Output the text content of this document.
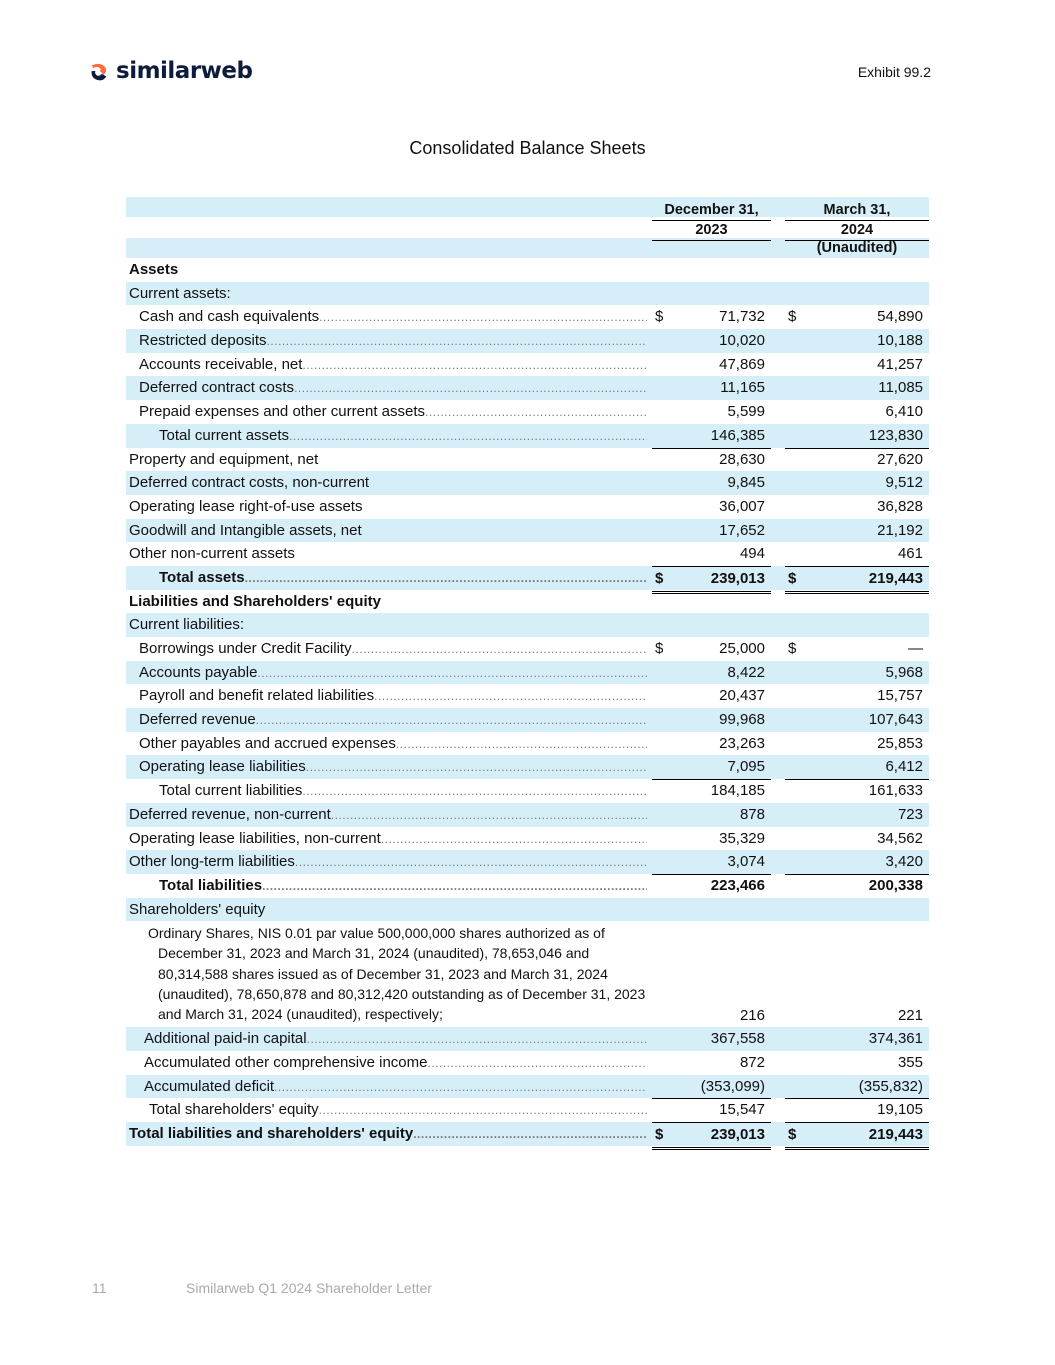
similarweb	Exhibit 99.2
Consolidated Balance Sheets
December 31,
2023
March 31,
2024
(Unaudited)
Assets
Current assets:
Cash and cash equivalents .....	$	71,732 $	54,890
Restricted deposits .....	10,020	10,188
Accounts receivable, net .....	47,869	41,257
Deferred contract costs .....	11,165	11,085
Prepaid expenses and other current assets .....	5,599	6,410
Total current assets .....	146,385	123,830
Property and equipment, net	28,630	27,620
Deferred contract costs, non-current	9,845	9,512
Operating lease right-of-use assets	36,007	36,828
Goodwill and Intangible assets, net	17,652	21,192
Other non-current assets	494	461
Total assets .....	$	239,013 $	219,443
Liabilities and Shareholders' equity
Current liabilities:
Borrowings under Credit Facility .....	$	25,000 $	—
Accounts payable .....	8,422	5,968
Payroll and benefit related liabilities .....	20,437	15,757
Deferred revenue .....	99,968	107,643
Other payables and accrued expenses .....	23,263	25,853
Operating lease liabilities .....	7,095	6,412
Total current liabilities .....	184,185	161,633
Deferred revenue, non-current .....	878	723
Operating lease liabilities, non-current .....	35,329	34,562
Other long-term liabilities .....	3,074	3,420
Total liabilities .....	223,466	200,338
Shareholders' equity
Ordinary Shares, NIS 0.01 par value 500,000,000 shares authorized as of December 31, 2023 and March 31, 2024 (unaudited), 78,653,046 and 80,314,588 shares issued as of December 31, 2023 and March 31, 2024 (unaudited), 78,650,878 and 80,312,420 outstanding as of December 31, 2023 and March 31, 2024 (unaudited), respectively;	216	221
Additional paid-in capital .....	367,558	374,361
Accumulated other comprehensive income .....	872	355
Accumulated deficit .....	(353,099)	(355,832)
Total shareholders' equity .....	15,547	19,105
Total liabilities and shareholders' equity .....	$	239,013 $	219,443
11	Similarweb Q1 2024 Shareholder Letter
